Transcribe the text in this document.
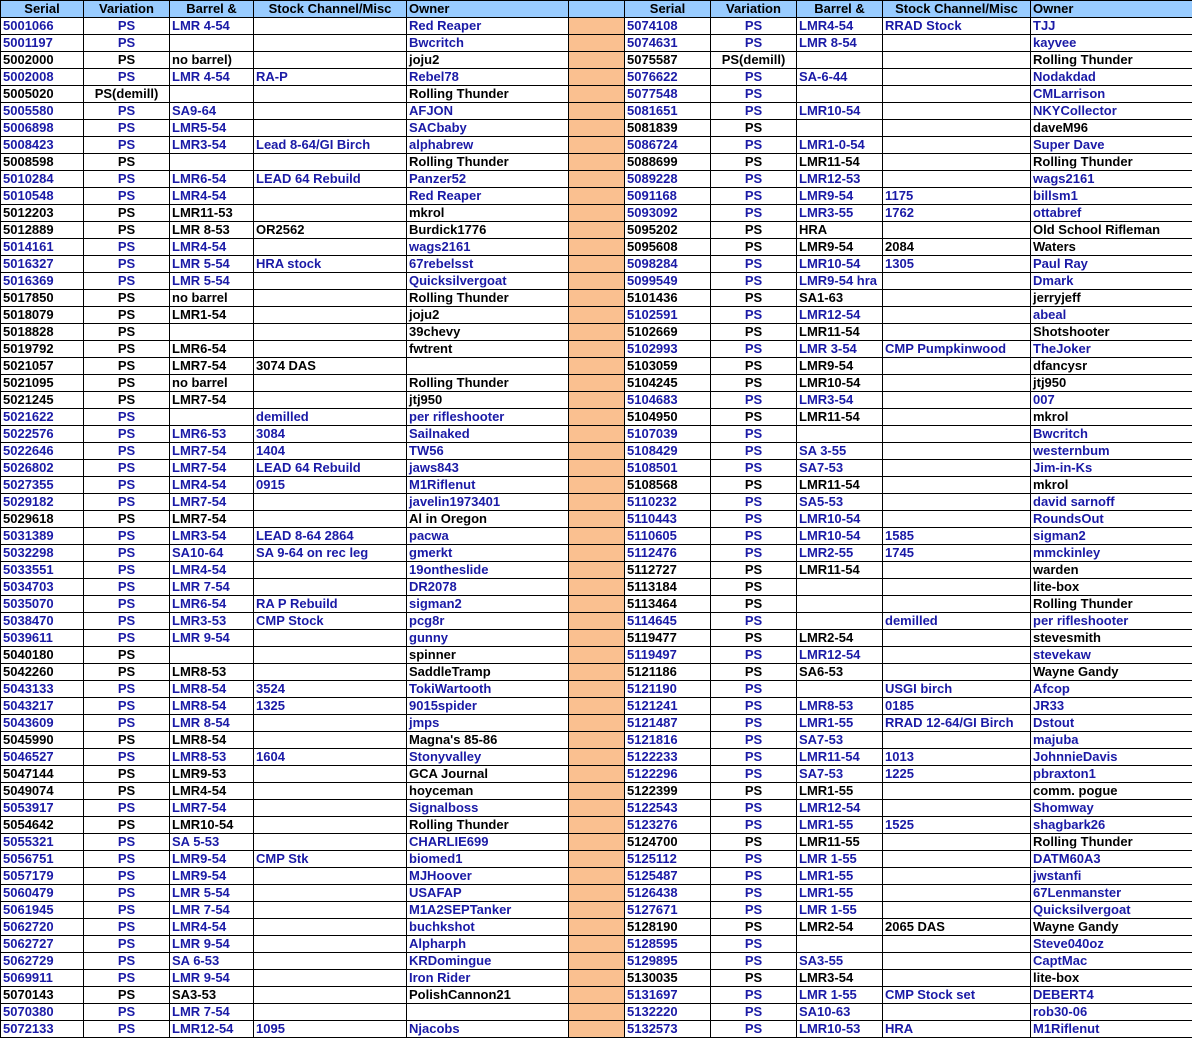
Serial	Variation	Barrel &	Stock Channel/Misc	Owner		Serial	Variation	Barrel &	Stock Channel/Misc	Owner
5001066	PS	LMR 4-54		Red Reaper		5074108	PS	LMR4-54	RRAD Stock	TJJ
5001197	PS			Bwcritch		5074631	PS	LMR 8-54		kayvee
5002000	PS	no barrel)		joju2		5075587	PS(demill)			Rolling Thunder
5002008	PS	LMR 4-54	RA-P	Rebel78		5076622	PS	SA-6-44		Nodakdad
5005020	PS(demill)			Rolling Thunder		5077548	PS			CMLarrison
5005580	PS	SA9-64		AFJON		5081651	PS	LMR10-54		NKYCollector
5006898	PS	LMR5-54		SACbaby		5081839	PS			daveM96
5008423	PS	LMR3-54	Lead 8-64/GI Birch	alphabrew		5086724	PS	LMR1-0-54		Super Dave
5008598	PS			Rolling Thunder		5088699	PS	LMR11-54		Rolling Thunder
5010284	PS	LMR6-54	LEAD 64 Rebuild	Panzer52		5089228	PS	LMR12-53		wags2161
5010548	PS	LMR4-54		Red Reaper		5091168	PS	LMR9-54	1175	billsm1
5012203	PS	LMR11-53		mkrol		5093092	PS	LMR3-55	1762	ottabref
5012889	PS	LMR 8-53	OR2562	Burdick1776		5095202	PS	HRA		Old School Rifleman
5014161	PS	LMR4-54		wags2161		5095608	PS	LMR9-54	2084	Waters
5016327	PS	LMR 5-54	HRA stock	67rebelsst		5098284	PS	LMR10-54	1305	Paul Ray
5016369	PS	LMR 5-54		Quicksilvergoat		5099549	PS	LMR9-54 hra		Dmark
5017850	PS	no barrel		Rolling Thunder		5101436	PS	SA1-63		jerryjeff
5018079	PS	LMR1-54		joju2		5102591	PS	LMR12-54		abeal
5018828	PS			39chevy		5102669	PS	LMR11-54		Shotshooter
5019792	PS	LMR6-54		fwtrent		5102993	PS	LMR 3-54	CMP Pumpkinwood	TheJoker
5021057	PS	LMR7-54	3074 DAS			5103059	PS	LMR9-54		dfancysr
5021095	PS	no barrel		Rolling Thunder		5104245	PS	LMR10-54		jtj950
5021245	PS	LMR7-54		jtj950		5104683	PS	LMR3-54		007
5021622	PS		demilled	per rifleshooter		5104950	PS	LMR11-54		mkrol
5022576	PS	LMR6-53	3084	Sailnaked		5107039	PS			Bwcritch
5022646	PS	LMR7-54	1404	TW56		5108429	PS	SA 3-55		westernbum
5026802	PS	LMR7-54	LEAD 64 Rebuild	jaws843		5108501	PS	SA7-53		Jim-in-Ks
5027355	PS	LMR4-54	0915	M1Riflenut		5108568	PS	LMR11-54		mkrol
5029182	PS	LMR7-54		javelin1973401		5110232	PS	SA5-53		david sarnoff
5029618	PS	LMR7-54		Al in Oregon		5110443	PS	LMR10-54		RoundsOut
5031389	PS	LMR3-54	LEAD 8-64 2864	pacwa		5110605	PS	LMR10-54	1585	sigman2
5032298	PS	SA10-64	SA 9-64 on rec leg	gmerkt		5112476	PS	LMR2-55	1745	mmckinley
5033551	PS	LMR4-54		19ontheslide		5112727	PS	LMR11-54		warden
5034703	PS	LMR 7-54		DR2078		5113184	PS			lite-box
5035070	PS	LMR6-54	RA P Rebuild	sigman2		5113464	PS			Rolling Thunder
5038470	PS	LMR3-53	CMP Stock	pcg8r		5114645	PS		demilled	per rifleshooter
5039611	PS	LMR 9-54		gunny		5119477	PS	LMR2-54		stevesmith
5040180	PS			spinner		5119497	PS	LMR12-54		stevekaw
5042260	PS	LMR8-53		SaddleTramp		5121186	PS	SA6-53		Wayne Gandy
5043133	PS	LMR8-54	3524	TokiWartooth		5121190	PS		USGI birch	Afcop
5043217	PS	LMR8-54	1325	9015spider		5121241	PS	LMR8-53	0185	JR33
5043609	PS	LMR 8-54		jmps		5121487	PS	LMR1-55	RRAD 12-64/GI Birch	Dstout
5045990	PS	LMR8-54		Magna's 85-86		5121816	PS	SA7-53		majuba
5046527	PS	LMR8-53	1604	Stonyvalley		5122233	PS	LMR11-54	1013	JohnnieDavis
5047144	PS	LMR9-53		GCA Journal		5122296	PS	SA7-53	1225	pbraxton1
5049074	PS	LMR4-54		hoyceman		5122399	PS	LMR1-55		comm. pogue
5053917	PS	LMR7-54		Signalboss		5122543	PS	LMR12-54		Shomway
5054642	PS	LMR10-54		Rolling Thunder		5123276	PS	LMR1-55	1525	shagbark26
5055321	PS	SA 5-53		CHARLIE699		5124700	PS	LMR11-55		Rolling Thunder
5056751	PS	LMR9-54	CMP Stk	biomed1		5125112	PS	LMR 1-55		DATM60A3
5057179	PS	LMR9-54		MJHoover		5125487	PS	LMR1-55		jwstanfi
5060479	PS	LMR 5-54		USAFAP		5126438	PS	LMR1-55		67Lenmanster
5061945	PS	LMR 7-54		M1A2SEPTanker		5127671	PS	LMR 1-55		Quicksilvergoat
5062720	PS	LMR4-54		buchkshot		5128190	PS	LMR2-54	2065 DAS	Wayne Gandy
5062727	PS	LMR 9-54		Alpharph		5128595	PS			Steve040oz
5062729	PS	SA 6-53		KRDomingue		5129895	PS	SA3-55		CaptMac
5069911	PS	LMR 9-54		Iron Rider		5130035	PS	LMR3-54		lite-box
5070143	PS	SA3-53		PolishCannon21		5131697	PS	LMR 1-55	CMP Stock set	DEBERT4
5070380	PS	LMR 7-54				5132220	PS	SA10-63		rob30-06
5072133	PS	LMR12-54	1095	Njacobs		5132573	PS	LMR10-53	HRA	M1Riflenut
